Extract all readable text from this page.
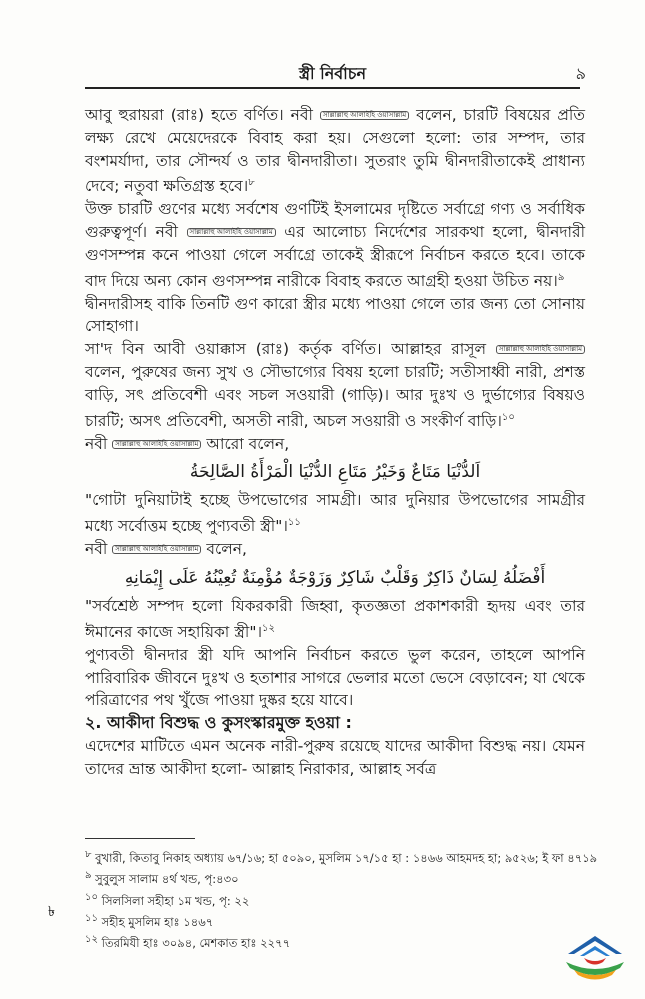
স্ত্রী নির্বাচন	৯

আবু হুরায়রা (রাঃ) হতে বর্ণিত। নবী সাল্লাল্লাহু আলাইহি ওয়াসাল্লাম বলেন, চারটি বিষয়ের প্রতি লক্ষ্য রেখে মেয়েদেরকে বিবাহ করা হয়। সেগুলো হলো: তার সম্পদ, তার বংশমর্যাদা, তার সৌন্দর্য ও তার দ্বীনদারীতা। সুতরাং তুমি দ্বীনদারীতাকেই প্রাধান্য দেবে; নতুবা ক্ষতিগ্রস্ত হবে।$^৮$

উক্ত চারটি গুণের মধ্যে সর্বশেষ গুণটিই ইসলামের দৃষ্টিতে সর্বাগ্রে গণ্য ও সর্বাধিক গুরুত্বপূর্ণ। নবী সাল্লাল্লাহু আলাইহি ওয়াসাল্লাম এর আলোচ্য নির্দেশের সারকথা হলো, দ্বীনদারী গুণসম্পন্ন কনে পাওয়া গেলে সর্বাগ্রে তাকেই স্ত্রীরূপে নির্বাচন করতে হবে। তাকে বাদ দিয়ে অন্য কোন গুণসম্পন্ন নারীকে বিবাহ করতে আগ্রহী হওয়া উচিত নয়।$^৯$

দ্বীনদারীসহ বাকি তিনটি গুণ কারো স্ত্রীর মধ্যে পাওয়া গেলে তার জন্য তো সোনায় সোহাগা।

সা'দ বিন আবী ওয়াক্কাস (রাঃ) কর্তৃক বর্ণিত। আল্লাহর রাসূল সাল্লাল্লাহু আলাইহি ওয়াসাল্লাম বলেন, পুরুষের জন্য সুখ ও সৌভাগ্যের বিষয় হলো চারটি; সতীসাধ্বী নারী, প্রশস্ত বাড়ি, সৎ প্রতিবেশী এবং সচল সওয়ারী (গাড়ি)। আর দুঃখ ও দুর্ভাগ্যের বিষয়ও চারটি; অসৎ প্রতিবেশী, অসতী নারী, অচল সওয়ারী ও সংকীর্ণ বাড়ি।$^{১০}$

নবী সাল্লাল্লাহু আলাইহি ওয়াসাল্লাম আরো বলেন,

اَلدُّنْيَا مَتَاعٌ وَخَيْرُ مَتَاعِ الدُّنْيَا الْمَرْأَةُ الصَّالِحَةُ

"গোটা দুনিয়াটাই হচ্ছে উপভোগের সামগ্রী। আর দুনিয়ার উপভোগের সামগ্রীর মধ্যে সর্বোত্তম হচ্ছে পুণ্যবতী স্ত্রী"।$^{১১}$

নবী সাল্লাল্লাহু আলাইহি ওয়াসাল্লাম বলেন,

أَفْضَلُهُ لِسَانٌ ذَاكِرٌ وَقَلْبٌ شَاكِرٌ وَزَوْجَةٌ مُؤْمِنَةٌ تُعِيْنُهُ عَلَى إِيْمَانِهِ

"সর্বশ্রেষ্ঠ সম্পদ হলো যিকরকারী জিহ্বা, কৃতজ্ঞতা প্রকাশকারী হৃদয় এবং তার ঈমানের কাজে সহায়িকা স্ত্রী"।$^{১২}$

পুণ্যবতী দ্বীনদার স্ত্রী যদি আপনি নির্বাচন করতে ভুল করেন, তাহলে আপনি পারিবারিক জীবনে দুঃখ ও হতাশার সাগরে ভেলার মতো ভেসে বেড়াবেন; যা থেকে পরিত্রাণের পথ খুঁজে পাওয়া দুষ্কর হয়ে যাবে।

২. আকীদা বিশুদ্ধ ও কুসংস্কারমুক্ত হওয়া :

এদেশের মাটিতে এমন অনেক নারী-পুরুষ রয়েছে যাদের আকীদা বিশুদ্ধ নয়। যেমন তাদের ভ্রান্ত আকীদা হলো- আল্লাহ নিরাকার, আল্লাহ সর্বত্র

$^৮$ বুখারী, কিতাবু নিকাহ অধ্যায় ৬৭/১৬; হা ৫০৯০, মুসলিম ১৭/১৫ হা : ১৪৬৬ আহমদহ হা; ৯৫২৬; ই ফা ৪৭১৯
$^৯$ সুবুলুস সালাম ৪র্থ খন্ড, পৃ:৪৩০
$^{১০}$ সিলসিলা সহীহা ১ম খন্ড, পৃ: ২২
$^{১১}$ সহীহ মুসলিম হাঃ ১৪৬৭
$^{১২}$ তিরমিযী হাঃ ৩০৯৪, মেশকাত হাঃ ২২৭৭
৳
